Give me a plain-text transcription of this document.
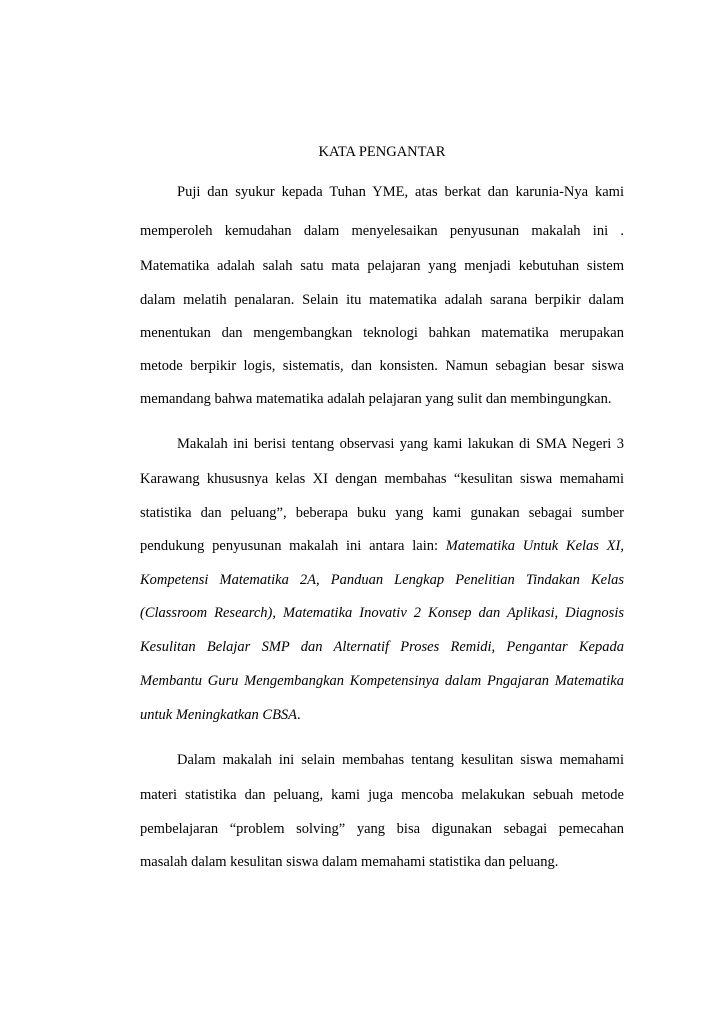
KATA PENGANTAR
Puji dan syukur kepada Tuhan YME, atas berkat dan karunia-Nya kami
memperoleh kemudahan dalam menyelesaikan penyusunan makalah ini .
Matematika adalah salah satu mata pelajaran yang menjadi kebutuhan sistem
dalam melatih penalaran. Selain itu matematika adalah sarana berpikir dalam
menentukan dan mengembangkan teknologi bahkan matematika merupakan
metode berpikir logis, sistematis, dan konsisten. Namun sebagian besar siswa
memandang bahwa matematika adalah pelajaran yang sulit dan membingungkan.
Makalah ini berisi tentang observasi yang kami lakukan di SMA Negeri 3
Karawang khususnya kelas XI dengan membahas “kesulitan siswa memahami
statistika dan peluang”, beberapa buku yang kami gunakan sebagai sumber
pendukung penyusunan makalah ini antara lain: Matematika Untuk Kelas XI,
Kompetensi Matematika 2A, Panduan Lengkap Penelitian Tindakan Kelas
(Classroom Research), Matematika Inovativ 2 Konsep dan Aplikasi, Diagnosis
Kesulitan Belajar SMP dan Alternatif Proses Remidi, Pengantar Kepada
Membantu Guru Mengembangkan Kompetensinya dalam Pngajaran Matematika
untuk Meningkatkan CBSA.
Dalam makalah ini selain membahas tentang kesulitan siswa memahami
materi statistika dan peluang, kami juga mencoba melakukan sebuah metode
pembelajaran “problem solving” yang bisa digunakan sebagai pemecahan
masalah dalam kesulitan siswa dalam memahami statistika dan peluang.
